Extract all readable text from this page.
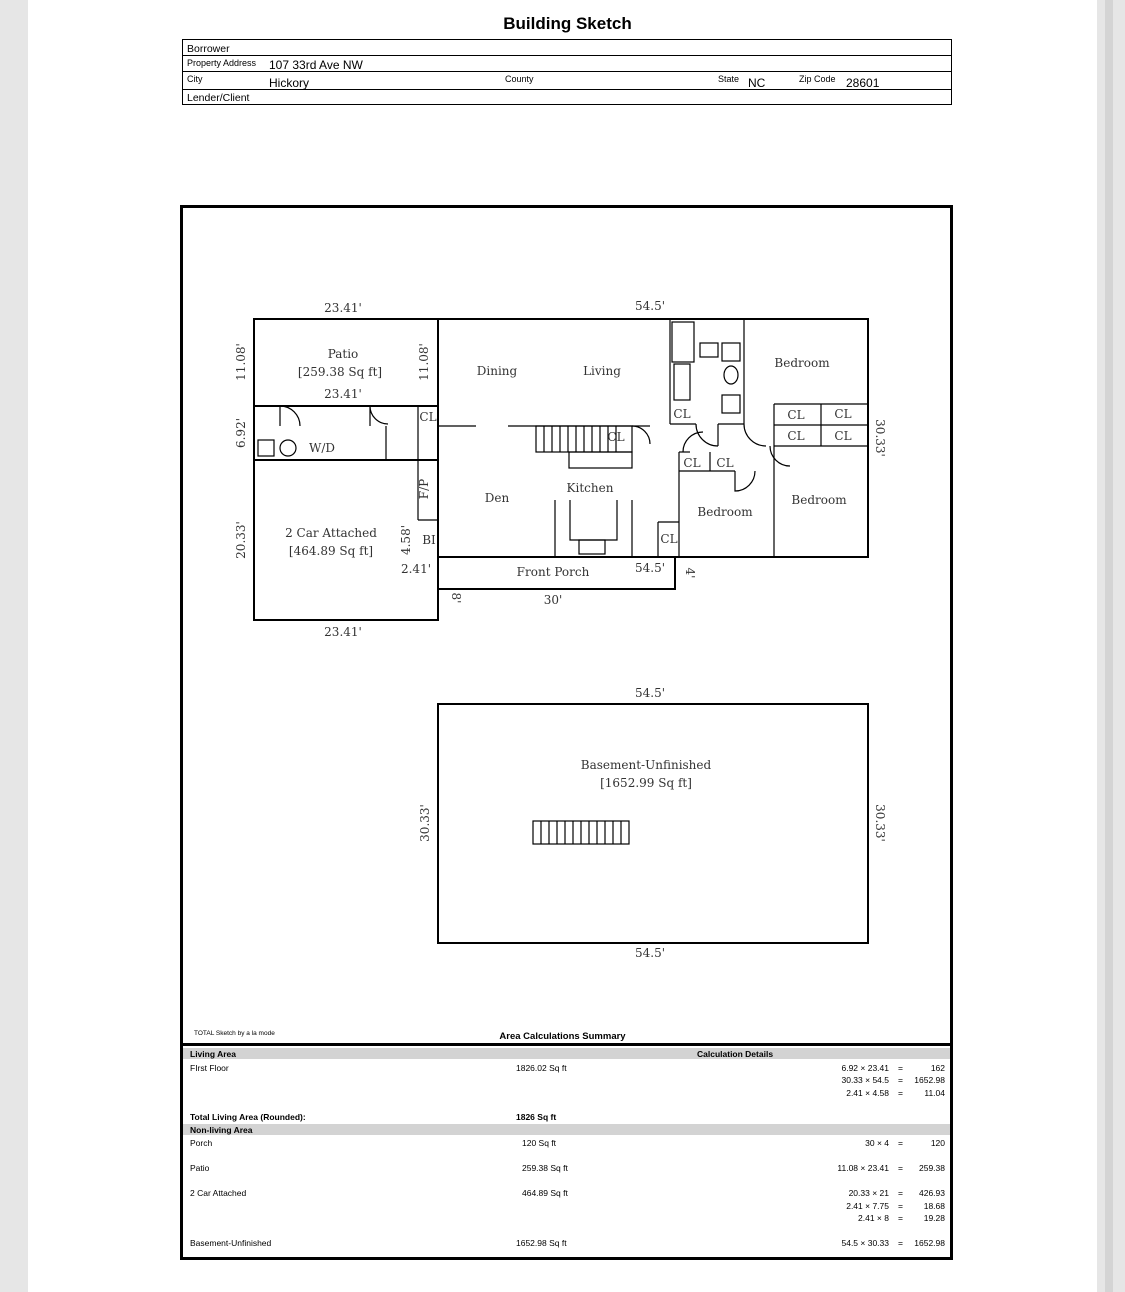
Building Sketch
Borrower
Property Address 107 33rd Ave NW
City	Hickory	County	State NC	Zip Code 28601
Lender/Client
23.41'
Patio
[259.38 Sq ft]
23.41'
11.08'	11.08'
54.5'
30.33'
Dining	Living
Den
Kitchen
Bedroom
Bedroom
Bedroom
CL
CL
CL
CL CL
CL CL
CL CL
CL
W/D
6.92'
2 Car Attached
[464.89 Sq ft]
20.33'
23.41'
F/P
BI
4.58'
2.41'	Front Porch	54.5'
30'
8'
4'
54.5'
Basement-Unfinished
[1652.99 Sq ft]
54.5'
30.33'	30.33'
TOTAL Sketch by a la mode	Area Calculations Summary
Living Area	Calculation Details
FIrst Floor	1826.02 Sq ft	6.92 × 23.41 =	162
30.33 × 54.5 = 1652.98
2.41 × 4.58 =	11.04
Total Living Area (Rounded):	1826 Sq ft
Non-living Area
Porch	120 Sq ft	30 × 4 =	120
Patio	259.38 Sq ft	11.08 × 23.41 = 259.38
2 Car Attached	464.89 Sq ft	20.33 × 21 = 426.93
2.41 × 7.75 = 18.68
2.41 × 8 = 19.28
Basement-Unfinished	1652.98 Sq ft	54.5 × 30.33 = 1652.98
